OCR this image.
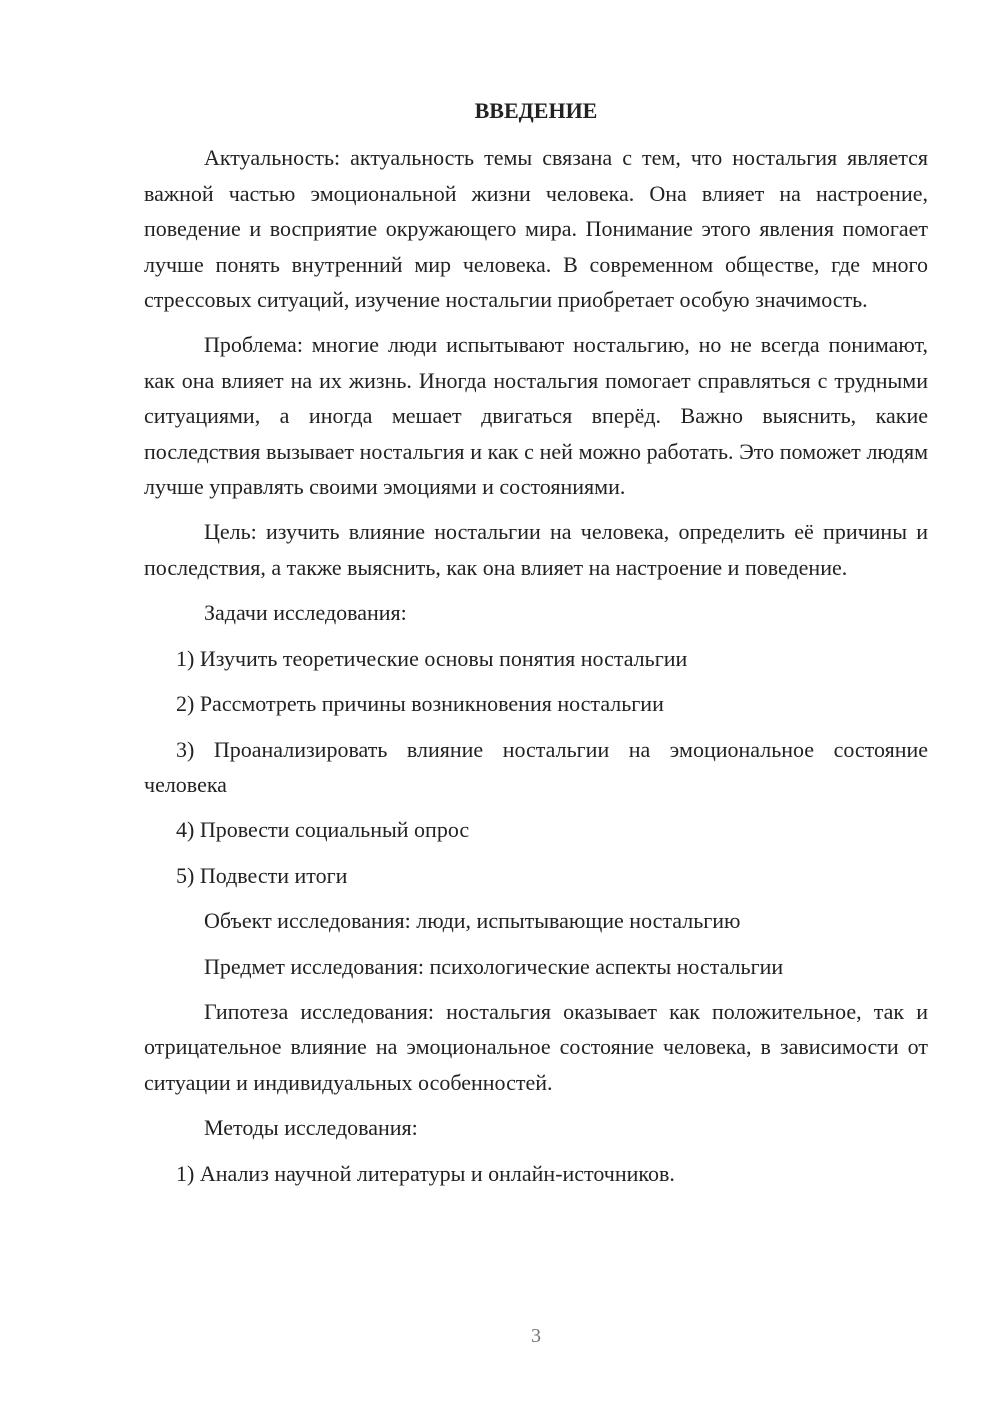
ВВЕДЕНИЕ

Актуальность: актуальность темы связана с тем, что ностальгия является важной частью эмоциональной жизни человека. Она влияет на настроение, поведение и восприятие окружающего мира. Понимание этого явления помогает лучше понять внутренний мир человека. В современном обществе, где много стрессовых ситуаций, изучение ностальгии приобретает особую значимость.

Проблема: многие люди испытывают ностальгию, но не всегда понимают, как она влияет на их жизнь. Иногда ностальгия помогает справляться с трудными ситуациями, а иногда мешает двигаться вперёд. Важно выяснить, какие последствия вызывает ностальгия и как с ней можно работать. Это поможет людям лучше управлять своими эмоциями и состояниями.

Цель: изучить влияние ностальгии на человека, определить её причины и последствия, а также выяснить, как она влияет на настроение и поведение.

Задачи исследования:

1) Изучить теоретические основы понятия ностальгии

2) Рассмотреть причины возникновения ностальгии

3) Проанализировать влияние ностальгии на эмоциональное состояние человека

4) Провести социальный опрос

5) Подвести итоги

Объект исследования: люди, испытывающие ностальгию

Предмет исследования: психологические аспекты ностальгии

Гипотеза исследования: ностальгия оказывает как положительное, так и отрицательное влияние на эмоциональное состояние человека, в зависимости от ситуации и индивидуальных особенностей.

Методы исследования:

1) Анализ научной литературы и онлайн-источников.

3
